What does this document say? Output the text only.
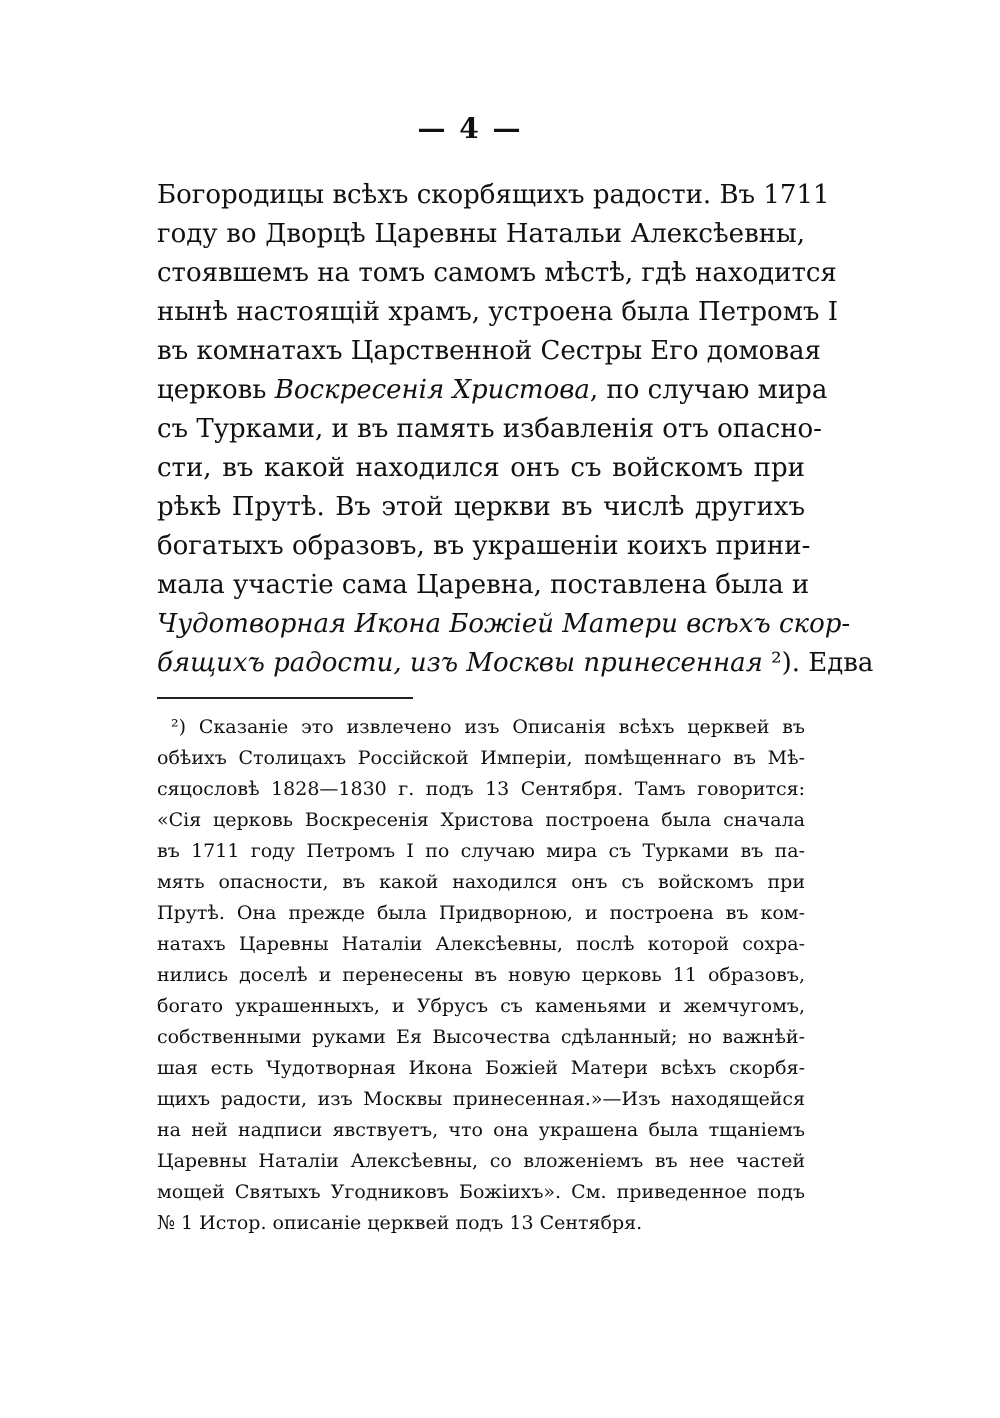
— 4 —
Богородицы всѣхъ скорбящихъ радости. Въ 1711
году во Дворцѣ Царевны Натальи Алексѣевны,
стоявшемъ на томъ самомъ мѣстѣ, гдѣ находится
нынѣ настоящій храмъ, устроена была Петромъ I
въ комнатахъ Царственной Сестры Его домовая
церковь Воскресенія Христова, по случаю мира
съ Турками, и въ память избавленія отъ опасно-
сти, въ какой находился онъ съ войскомъ при
рѣкѣ Прутѣ. Въ этой церкви въ числѣ другихъ
богатыхъ образовъ, въ украшеніи коихъ прини-
мала участіе сама Царевна, поставлена была и
Чудотворная Икона Божіей Матери всѣхъ скор-
бящихъ радости, изъ Москвы принесенная ²). Едва
²) Сказаніе это извлечено изъ Описанія всѣхъ церквей въ
обѣихъ Столицахъ Россійской Имперіи, помѣщеннаго въ Мѣ-
сяцословѣ 1828—1830 г. подъ 13 Сентября. Тамъ говорится:
«Сія церковь Воскресенія Христова построена была сначала
въ 1711 году Петромъ I по случаю мира съ Турками въ па-
мять опасности, въ какой находился онъ съ войскомъ при
Прутѣ. Она прежде была Придворною, и построена въ ком-
натахъ Царевны Наталіи Алексѣевны, послѣ которой сохра-
нились доселѣ и перенесены въ новую церковь 11 образовъ,
богато украшенныхъ, и Убрусъ съ каменьями и жемчугомъ,
собственными руками Ея Высочества сдѣланный; но важнѣй-
шая есть Чудотворная Икона Божіей Матери всѣхъ скорбя-
щихъ радости, изъ Москвы принесенная.»—Изъ находящейся
на ней надписи явствуетъ, что она украшена была тщаніемъ
Царевны Наталіи Алексѣевны, со вложеніемъ въ нее частей
мощей Святыхъ Угодниковъ Божіихъ». См. приведенное подъ
№ 1 Истор. описаніе церквей подъ 13 Сентября.
